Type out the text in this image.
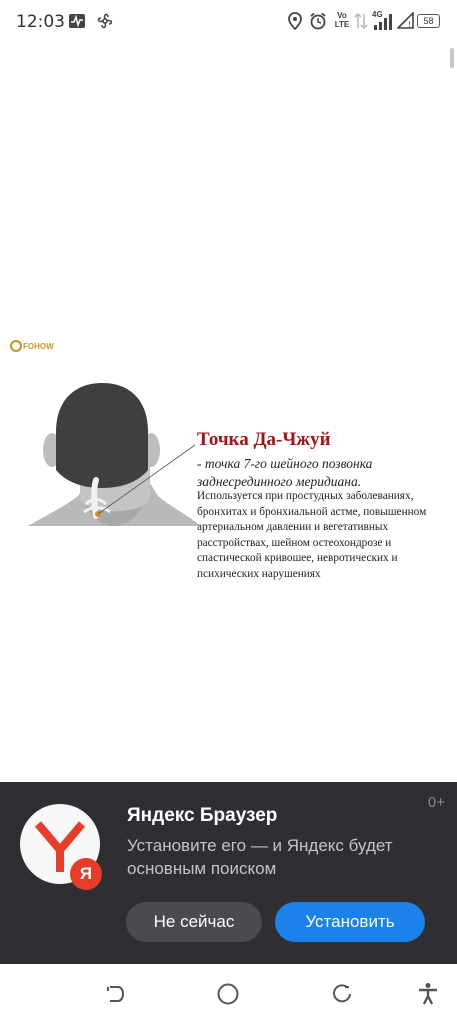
12:03	Vo LTE
4G
!	58
FOHOW
Точка Да-Чжуй
- точка 7-го шейного позвонка заднесрединного меридиана.
Используется при простудных заболеваниях, бронхитах и бронхиальной астме, повышенном артериальном давлении и вегетативных расстройствах, шейном остеохондрозе и спастической кривошее, невротических и психических нарушениях
0+
Я
Яндекс Браузер
Установите его — и Яндекс будет основным поиском
Не сейчас	Установить
